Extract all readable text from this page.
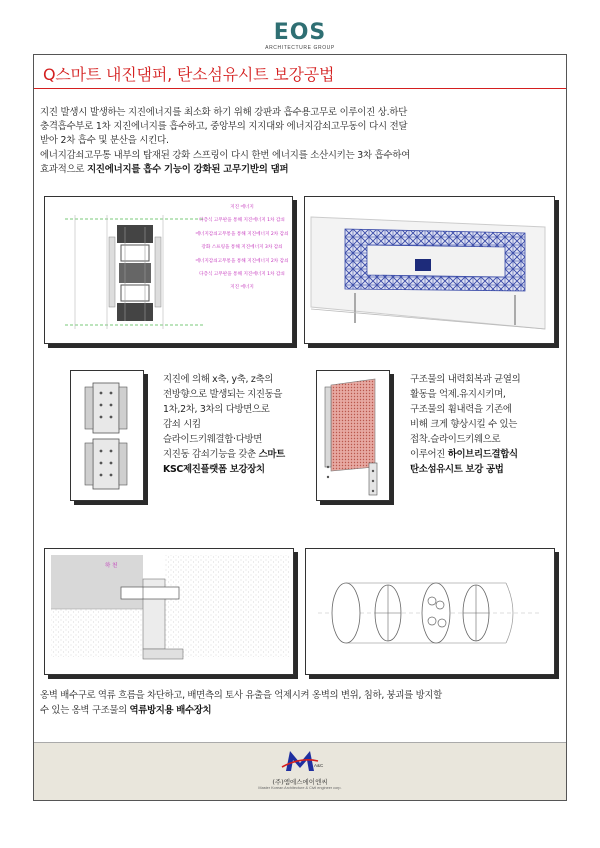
EOS
ARCHITECTURE GROUP
Q스마트 내진댐퍼, 탄소섬유시트 보강공법
지진 발생시 발생하는 지진에너지를 최소화 하기 위해 강판과 흡수용고무로 이루이진 상.하단
충격흡수부로 1차 지진에너지를 흡수하고, 중앙부의 지지대와 에너지감쇠고무동이 다시 전달
받아 2차 흡수 및 분산을 시킨다.
에너지감쇠고무통 내부의 탑재된 강화 스프링이 다시 한번 에너지를 소산시키는 3차 흡수하여
효과적으로 지진에너지를 흡수 기능이 강화된 고무기반의 댐퍼
지진 에너지
다층식 고무판을 통해 지진에너지 1차 감쇠
에너지감쇠고무통을 통해 지진에너지 2차 감쇠
강화 스프링을 통해 지진에너지 3차 감쇠
에너지감쇠고무통을 통해 지진에너지 2차 감쇠
다층식 고무판을 통해 지진에너지 1차 감쇠
지진 에너지
지진에 의해 x축, y축, z축의
전방향으로 발생되는 지진동을
1차,2차, 3차의 다방면으로
감쇠 시킴
슬라이드키웨결합·다방면
지진동 감쇠기능을 갖춘 스마트
KSC제진플랫폼 보강장치
구조물의 내력회복과 균열의
활동을 억제.유지시키며,
구조물의 휨내력을 기존에
비해 크게 향상시킬 수 있는
접착.슬라이드키웨으로
이루어진 하이브리드결합식
탄소섬유시트 보강 공법
하 천
옹벽 배수구로 역류 흐름을 차단하고, 배면측의 토사 유출을 억제시켜 옹벽의 변위, 침하, 붕괴를 방지할
수 있는 옹벽 구조물의 역류방지용 배수장치
A&C
(주)엠에스에이엔씨
Master Korean Architecture & Civil engineer corp.
